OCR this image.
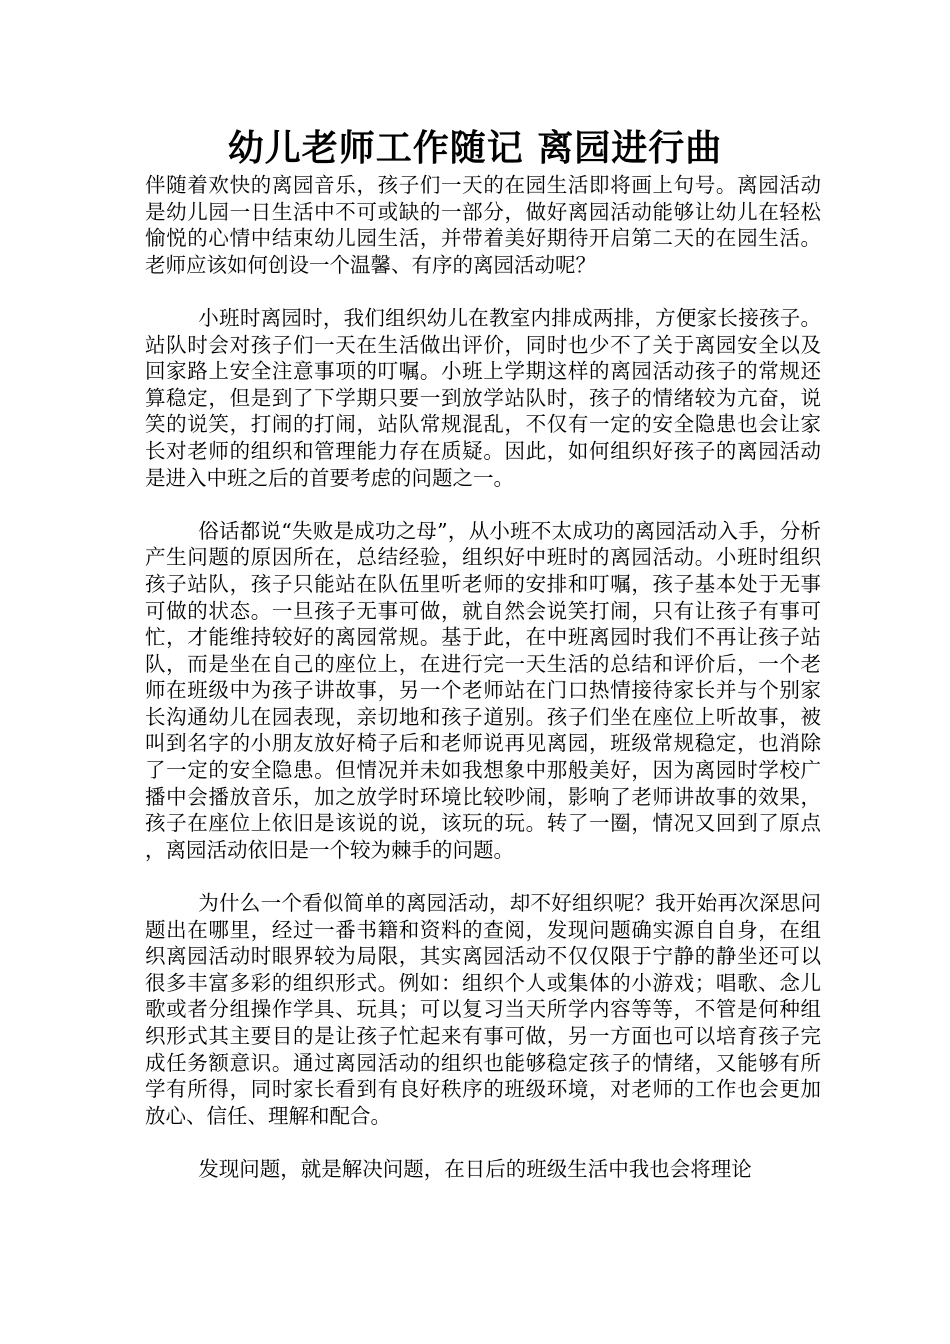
幼儿老师工作随记 离园进行曲

伴随着欢快的离园音乐，孩子们一天的在园生活即将画上句号。离园活动是幼儿园一日生活中不可或缺的一部分，做好离园活动能够让幼儿在轻松愉悦的心情中结束幼儿园生活，并带着美好期待开启第二天的在园生活。老师应该如何创设一个温馨、有序的离园活动呢？

小班时离园时，我们组织幼儿在教室内排成两排，方便家长接孩子。站队时会对孩子们一天在生活做出评价，同时也少不了关于离园安全以及回家路上安全注意事项的叮嘱。小班上学期这样的离园活动孩子的常规还算稳定，但是到了下学期只要一到放学站队时，孩子的情绪较为亢奋，说笑的说笑，打闹的打闹，站队常规混乱，不仅有一定的安全隐患也会让家长对老师的组织和管理能力存在质疑。因此，如何组织好孩子的离园活动是进入中班之后的首要考虑的问题之一。

俗话都说“失败是成功之母”，从小班不太成功的离园活动入手，分析产生问题的原因所在，总结经验，组织好中班时的离园活动。小班时组织孩子站队，孩子只能站在队伍里听老师的安排和叮嘱，孩子基本处于无事可做的状态。一旦孩子无事可做，就自然会说笑打闹，只有让孩子有事可忙，才能维持较好的离园常规。基于此，在中班离园时我们不再让孩子站队，而是坐在自己的座位上，在进行完一天生活的总结和评价后，一个老师在班级中为孩子讲故事，另一个老师站在门口热情接待家长并与个别家长沟通幼儿在园表现，亲切地和孩子道别。孩子们坐在座位上听故事，被叫到名字的小朋友放好椅子后和老师说再见离园，班级常规稳定，也消除了一定的安全隐患。但情况并未如我想象中那般美好，因为离园时学校广播中会播放音乐，加之放学时环境比较吵闹，影响了老师讲故事的效果，孩子在座位上依旧是该说的说，该玩的玩。转了一圈，情况又回到了原点，离园活动依旧是一个较为棘手的问题。

为什么一个看似简单的离园活动，却不好组织呢？我开始再次深思问题出在哪里，经过一番书籍和资料的查阅，发现问题确实源自自身，在组织离园活动时眼界较为局限，其实离园活动不仅仅限于宁静的静坐还可以很多丰富多彩的组织形式。例如：组织个人或集体的小游戏；唱歌、念儿歌或者分组操作学具、玩具；可以复习当天所学内容等等，不管是何种组织形式其主要目的是让孩子忙起来有事可做，另一方面也可以培育孩子完成任务额意识。通过离园活动的组织也能够稳定孩子的情绪，又能够有所学有所得，同时家长看到有良好秩序的班级环境，对老师的工作也会更加放心、信任、理解和配合。

发现问题，就是解决问题，在日后的班级生活中我也会将理论
